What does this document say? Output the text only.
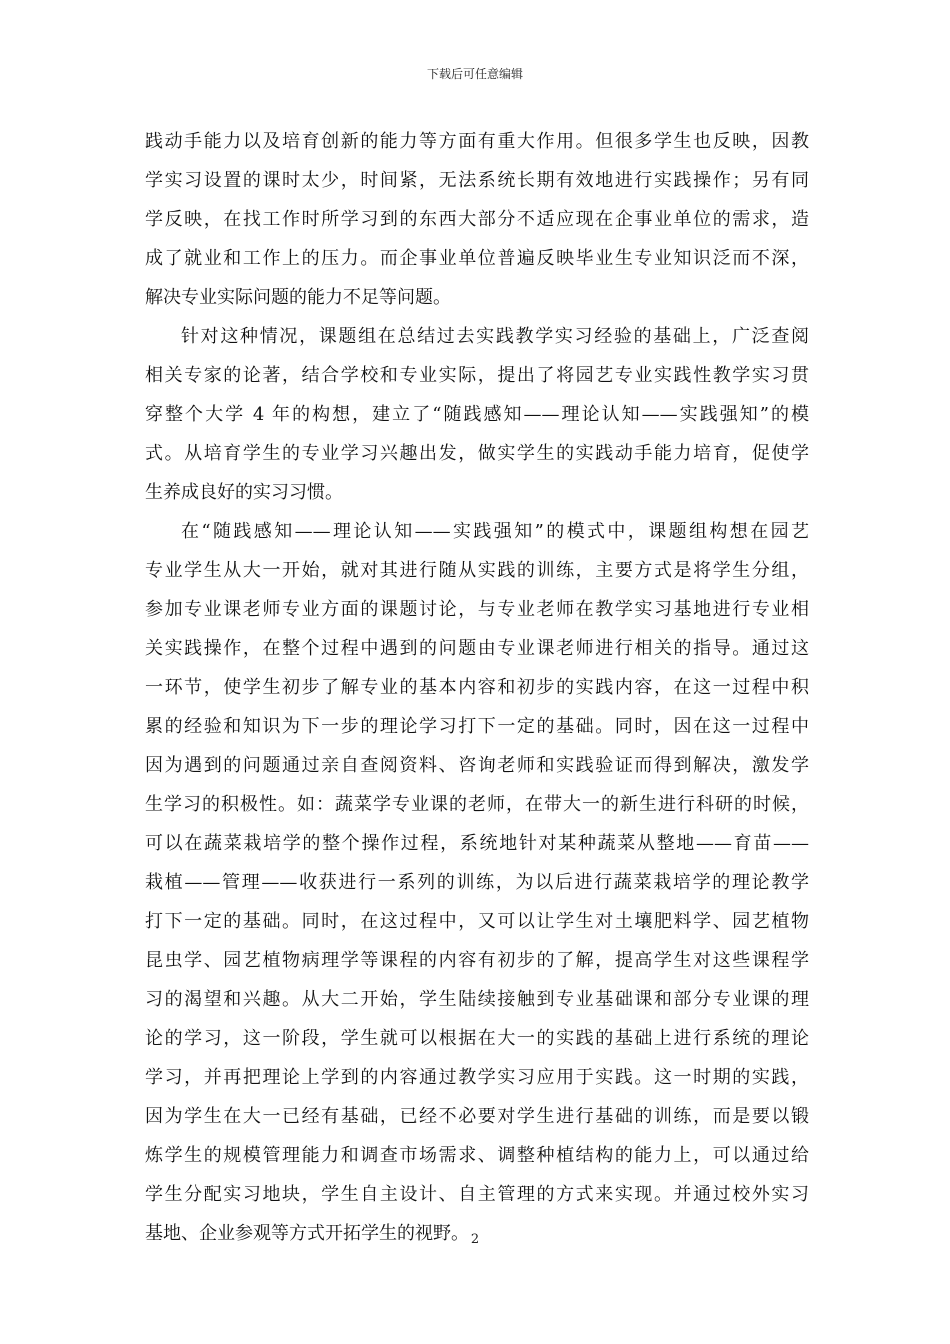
下载后可任意编辑
践动手能力以及培育创新的能力等方面有重大作用。但很多学生也反映，因教
学实习设置的课时太少，时间紧，无法系统长期有效地进行实践操作；另有同
学反映，在找工作时所学习到的东西大部分不适应现在企事业单位的需求，造
成了就业和工作上的压力。而企事业单位普遍反映毕业生专业知识泛而不深，
解决专业实际问题的能力不足等问题。
针对这种情况，课题组在总结过去实践教学实习经验的基础上，广泛查阅
相关专家的论著，结合学校和专业实际，提出了将园艺专业实践性教学实习贯
穿整个大学 4 年的构想，建立了“随践感知——理论认知——实践强知”的模
式。从培育学生的专业学习兴趣出发，做实学生的实践动手能力培育，促使学
生养成良好的实习习惯。
在“随践感知——理论认知——实践强知”的模式中，课题组构想在园艺
专业学生从大一开始，就对其进行随从实践的训练，主要方式是将学生分组，
参加专业课老师专业方面的课题讨论，与专业老师在教学实习基地进行专业相
关实践操作，在整个过程中遇到的问题由专业课老师进行相关的指导。通过这
一环节，使学生初步了解专业的基本内容和初步的实践内容，在这一过程中积
累的经验和知识为下一步的理论学习打下一定的基础。同时，因在这一过程中
因为遇到的问题通过亲自查阅资料、咨询老师和实践验证而得到解决，激发学
生学习的积极性。如：蔬菜学专业课的老师，在带大一的新生进行科研的时候，
可以在蔬菜栽培学的整个操作过程，系统地针对某种蔬菜从整地——育苗——
栽植——管理——收获进行一系列的训练，为以后进行蔬菜栽培学的理论教学
打下一定的基础。同时，在这过程中，又可以让学生对土壤肥料学、园艺植物
昆虫学、园艺植物病理学等课程的内容有初步的了解，提高学生对这些课程学
习的渴望和兴趣。从大二开始，学生陆续接触到专业基础课和部分专业课的理
论的学习，这一阶段，学生就可以根据在大一的实践的基础上进行系统的理论
学习，并再把理论上学到的内容通过教学实习应用于实践。这一时期的实践，
因为学生在大一已经有基础，已经不必要对学生进行基础的训练，而是要以锻
炼学生的规模管理能力和调查市场需求、调整种植结构的能力上，可以通过给
学生分配实习地块，学生自主设计、自主管理的方式来实现。并通过校外实习
基地、企业参观等方式开拓学生的视野。 2
